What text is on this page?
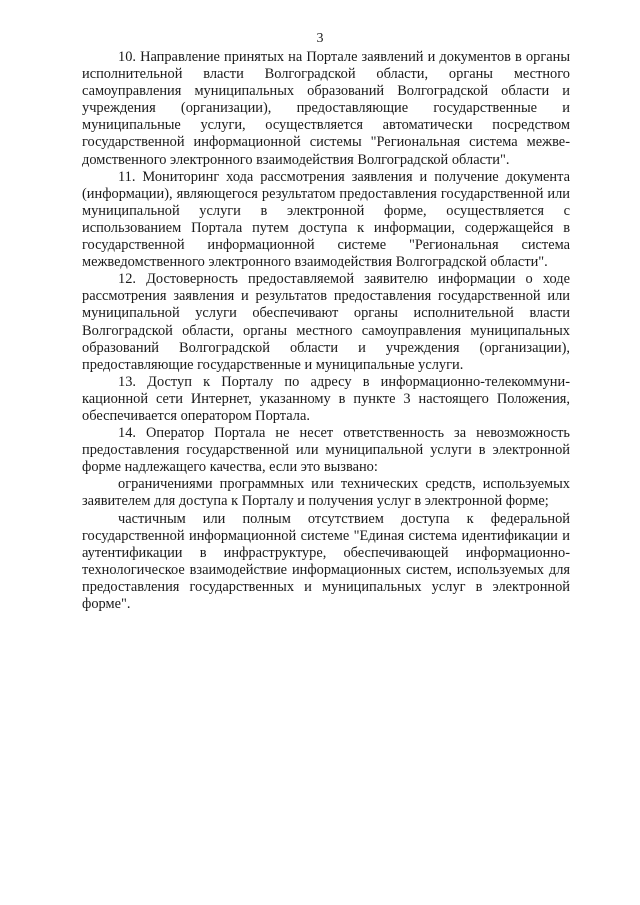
3

10. Направление принятых на Портале заявлений и документов в органы исполнительной власти Волгоградской области, органы местного самоуправления муниципальных образований Волгоградской области и учреждения (организации), предоставляющие государственные и муниципальные услуги, осуществляется автоматически посредством государственной информационной системы "Региональная система межведомственного электронного взаимодействия Волгоградской области".

11. Мониторинг хода рассмотрения заявления и получение документа (информации), являющегося результатом предоставления государственной или муниципальной услуги в электронной форме, осуществляется с использованием Портала путем доступа к информации, содержащейся в государственной информационной системе "Региональная система межведомственного электронного взаимодействия Волгоградской области".

12. Достоверность предоставляемой заявителю информации о ходе рассмотрения заявления и результатов предоставления государственной или муниципальной услуги обеспечивают органы исполнительной власти Волгоградской области, органы местного самоуправления муниципальных образований Волгоградской области и учреждения (организации), предоставляющие государственные и муниципальные услуги.

13. Доступ к Порталу по адресу в информационно-телекоммуникационной сети Интернет, указанному в пункте 3 настоящего Положения, обеспечивается оператором Портала.

14. Оператор Портала не несет ответственность за невозможность предоставления государственной или муниципальной услуги в электронной форме надлежащего качества, если это вызвано:

ограничениями программных или технических средств, используемых заявителем для доступа к Порталу и получения услуг в электронной форме;

частичным или полным отсутствием доступа к федеральной государственной информационной системе "Единая система идентификации и аутентификации в инфраструктуре, обеспечивающей информационно-технологическое взаимодействие информационных систем, используемых для предоставления государственных и муниципальных услуг в электронной форме".
